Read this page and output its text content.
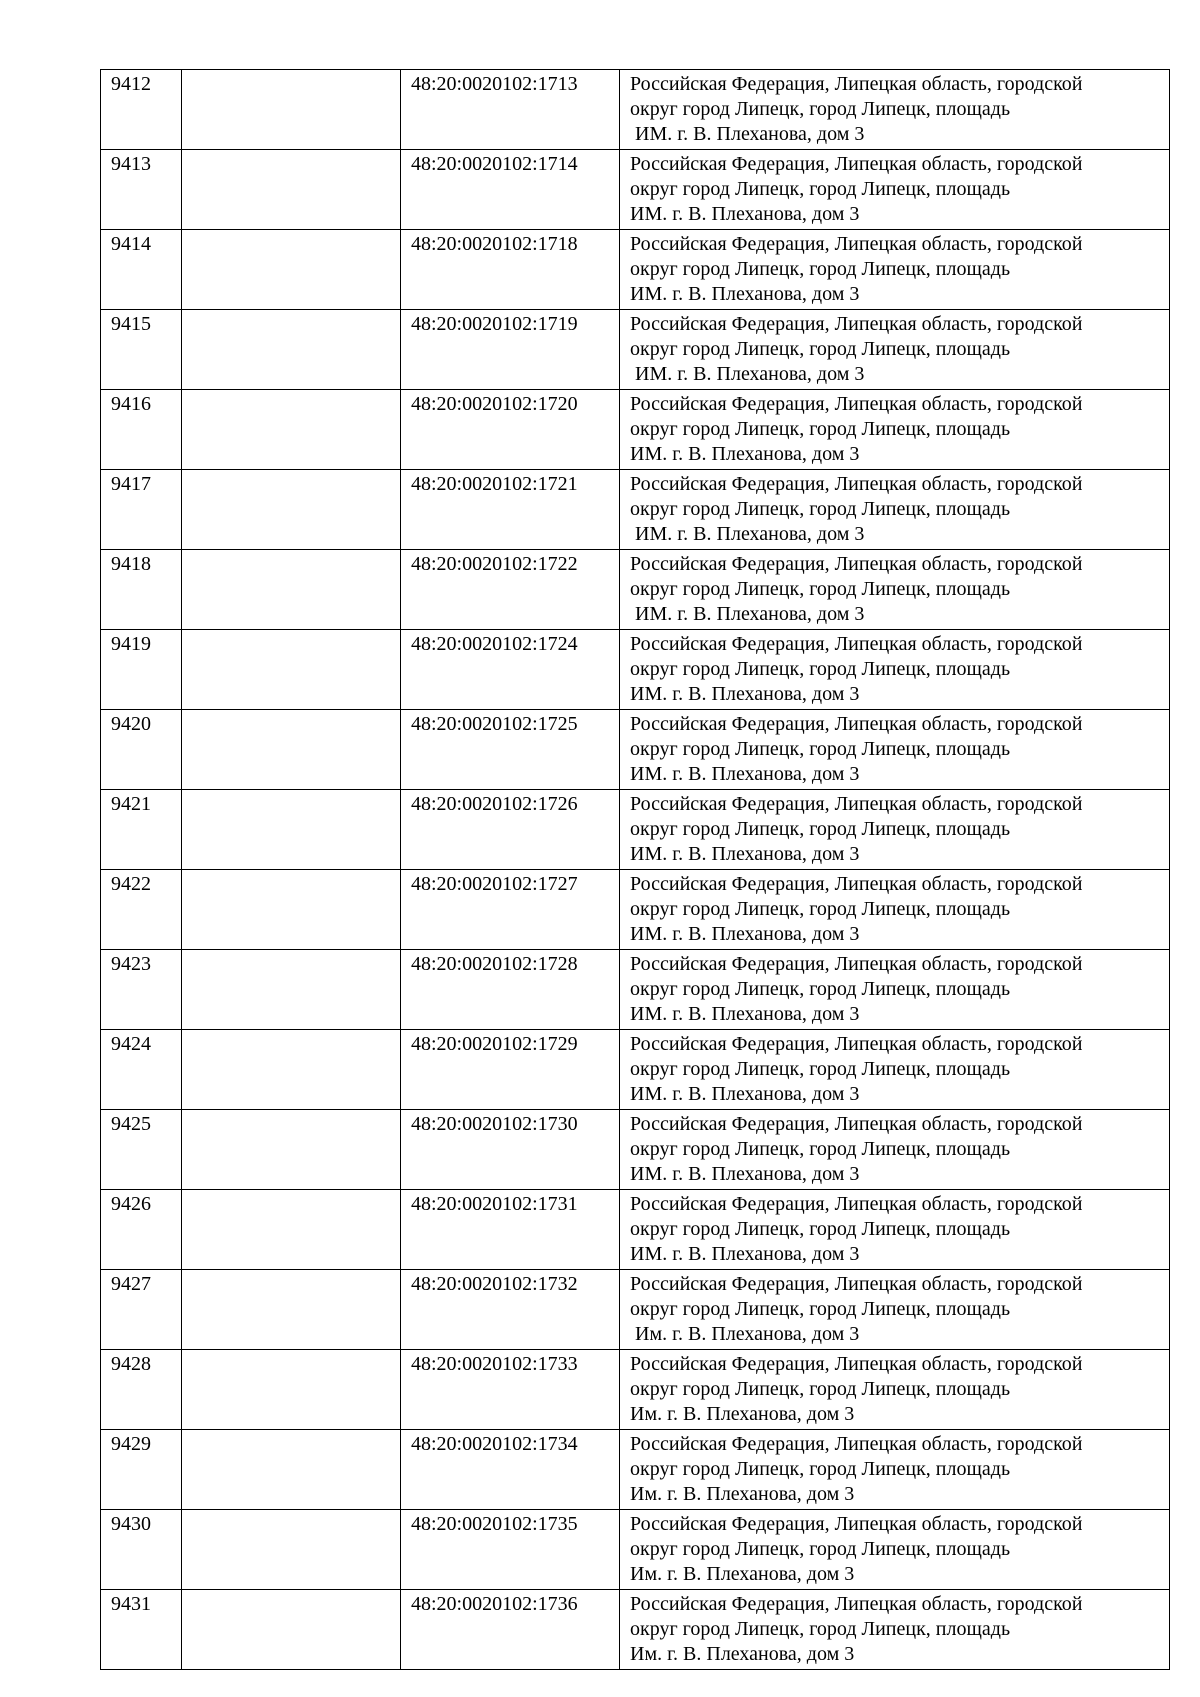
9412		48:20:0020102:1713	Российская Федерация, Липецкая область, городской
округ город Липецк, город Липецк, площадь
ИМ. г. В. Плеханова, дом 3

9413		48:20:0020102:1714	Российская Федерация, Липецкая область, городской
округ город Липецк, город Липецк, площадь
ИМ. г. В. Плеханова, дом 3

9414		48:20:0020102:1718	Российская Федерация, Липецкая область, городской
округ город Липецк, город Липецк, площадь
ИМ. г. В. Плеханова, дом 3

9415		48:20:0020102:1719	Российская Федерация, Липецкая область, городской
округ город Липецк, город Липецк, площадь
ИМ. г. В. Плеханова, дом 3

9416		48:20:0020102:1720	Российская Федерация, Липецкая область, городской
округ город Липецк, город Липецк, площадь
ИМ. г. В. Плеханова, дом 3

9417		48:20:0020102:1721	Российская Федерация, Липецкая область, городской
округ город Липецк, город Липецк, площадь
ИМ. г. В. Плеханова, дом 3

9418		48:20:0020102:1722	Российская Федерация, Липецкая область, городской
округ город Липецк, город Липецк, площадь
ИМ. г. В. Плеханова, дом 3

9419		48:20:0020102:1724	Российская Федерация, Липецкая область, городской
округ город Липецк, город Липецк, площадь
ИМ. г. В. Плеханова, дом 3

9420		48:20:0020102:1725	Российская Федерация, Липецкая область, городской
округ город Липецк, город Липецк, площадь
ИМ. г. В. Плеханова, дом 3

9421		48:20:0020102:1726	Российская Федерация, Липецкая область, городской
округ город Липецк, город Липецк, площадь
ИМ. г. В. Плеханова, дом 3

9422		48:20:0020102:1727	Российская Федерация, Липецкая область, городской
округ город Липецк, город Липецк, площадь
ИМ. г. В. Плеханова, дом 3

9423		48:20:0020102:1728	Российская Федерация, Липецкая область, городской
округ город Липецк, город Липецк, площадь
ИМ. г. В. Плеханова, дом 3

9424		48:20:0020102:1729	Российская Федерация, Липецкая область, городской
округ город Липецк, город Липецк, площадь
ИМ. г. В. Плеханова, дом 3

9425		48:20:0020102:1730	Российская Федерация, Липецкая область, городской
округ город Липецк, город Липецк, площадь
ИМ. г. В. Плеханова, дом 3

9426		48:20:0020102:1731	Российская Федерация, Липецкая область, городской
округ город Липецк, город Липецк, площадь
ИМ. г. В. Плеханова, дом 3

9427		48:20:0020102:1732	Российская Федерация, Липецкая область, городской
округ город Липецк, город Липецк, площадь
Им. г. В. Плеханова, дом 3

9428		48:20:0020102:1733	Российская Федерация, Липецкая область, городской
округ город Липецк, город Липецк, площадь
Им. г. В. Плеханова, дом 3

9429		48:20:0020102:1734	Российская Федерация, Липецкая область, городской
округ город Липецк, город Липецк, площадь
Им. г. В. Плеханова, дом 3

9430		48:20:0020102:1735	Российская Федерация, Липецкая область, городской
округ город Липецк, город Липецк, площадь
Им. г. В. Плеханова, дом 3

9431		48:20:0020102:1736	Российская Федерация, Липецкая область, городской
округ город Липецк, город Липецк, площадь
Им. г. В. Плеханова, дом 3
